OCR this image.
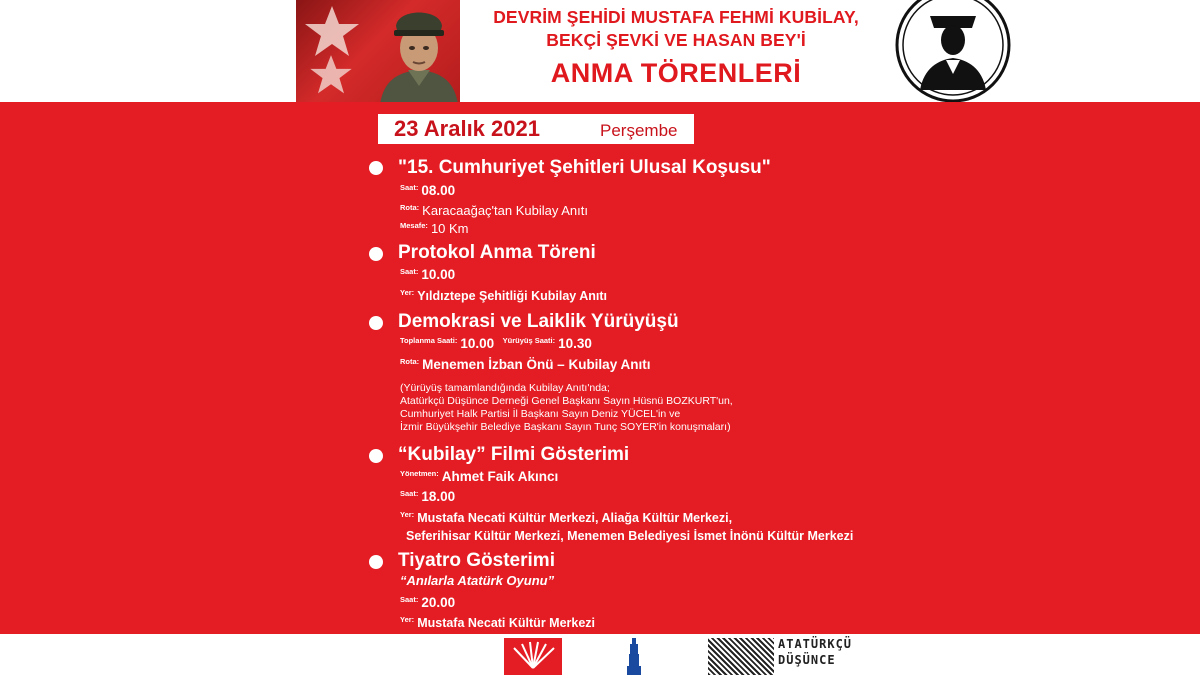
DEVRİM ŞEHİDİ MUSTAFA FEHMİ KUBİLAY,
BEKÇİ ŞEVKİ VE HASAN BEY'İ
ANMA TÖRENLERİ
23 Aralık 2021	Perşembe
"15. Cumhuriyet Şehitleri Ulusal Koşusu"
Saat: 08.00
Rota: Karacaağaç'tan Kubilay Anıtı
Mesafe: 10 Km
Protokol Anma Töreni
Saat: 10.00
Yer: Yıldıztepe Şehitliği Kubilay Anıtı
Demokrasi ve Laiklik Yürüyüşü
Toplanma Saati: 10.00 Yürüyüş Saati: 10.30
Rota: Menemen İzban Önü – Kubilay Anıtı
(Yürüyüş tamamlandığında Kubilay Anıtı'nda;
Atatürkçü Düşünce Derneği Genel Başkanı Sayın Hüsnü BOZKURT'un,
Cumhuriyet Halk Partisi İl Başkanı Sayın Deniz YÜCEL'in ve
İzmir Büyükşehir Belediye Başkanı Sayın Tunç SOYER'in konuşmaları)
“Kubilay” Filmi Gösterimi
Yönetmen: Ahmet Faik Akıncı
Saat: 18.00
Yer: Mustafa Necati Kültür Merkezi, Aliağa Kültür Merkezi,
Seferihisar Kültür Merkezi, Menemen Belediyesi İsmet İnönü Kültür Merkezi
Tiyatro Gösterimi
“Anılarla Atatürk Oyunu”
Saat: 20.00
Yer: Mustafa Necati Kültür Merkezi
ATATÜRKÇÜ
DÜŞÜNCE
